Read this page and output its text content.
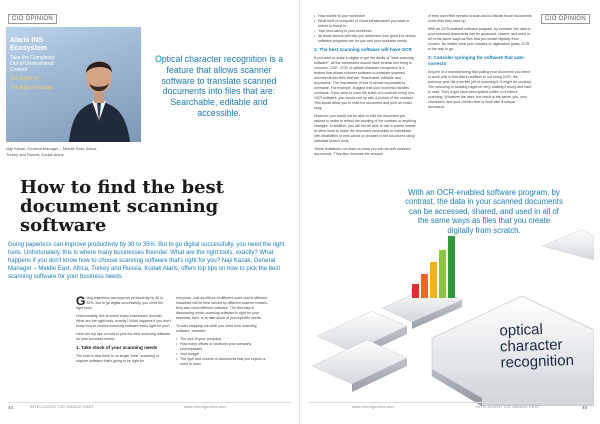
CIO OPINION
Alaris INS Ecosystem
Take the Complexity Out of Unstructured Content
The Right Fit
The Right Features
Naji Kazak, General Manager – Middle East, Africa, Turkey and Russia, Kodak Alaris
Optical character recognition is a feature that allows scanner software to translate scanned documents into files that are: Searchable, editable and accessible.
How to find the best document scanning software
Going paperless can improve productivity by 30 to 35%. But to go digital successfully, you need the right tools. Unfortunately, this is where many businesses flounder. What are the right tools, exactly? What happens if you don't know how to choose scanning software that's right for you? Naji Kazak, General Manager – Middle East, Africa, Turkey and Russia, Kodak Alaris, offers top tips on how to pick the best scanning software for your business needs

Going paperless can improve productivity by 30 to 35%. But to go digital successfully, you need the right tools.

Unfortunately, this is where many businesses flounder. What are the right tools, exactly? What happens if you don't know how to choose scanning software that's right for you?

Here are top tips on how to pick the best scanning software for your business needs.

1. Take stock of your scanning needs

The truth is that there is no single "best" scanning or capture software that's going to be right for

everyone. Just as offices of different sizes and in different industries will be best served by different scanner models, they also need different software. The first step in discovering which scanning software is right for your business, then, is to take stock of your specific needs.

To start mapping out what you need from scanning software, consider:

• The size of your company
• How many offices or locations your company encompasses
• Your budget
• The type and volume of documents that you expect or need to scan
44	INTELLIGENT CIO MIDDLE EAST	www.intelligentcio.com
CIO OPINION
• How mobile is your workforce
• What kind of computer or cloud infrastructure you have or intend to invest in
• Your tech-savvy is your workforce
• All these factors will help you determine how good it is versus software programs are for you and your business needs.
2: The best scanning software will have OCR

If you want to scale in digital or get the ability of "best scanning software", all the contenders should have at least one thing in common: OCR. OCR or optical character recognition is a feature that allows scanner software to translate scanned documents into files that are: Searchable, editable and accessible. The importance of this is almost impossible to overstate. For example, imagine that your business handles contracts. If you were to scan the sheet of a contract using non-OCR software, you would end up with a picture of the contract. This would allow you to read the document and print an exact copy.

However, you would not be able to edit the document you wished to make to reflect the wording of the contract or anything changes. In addition, you will not be able to use a screen reader or other tools to make the document accessible to individuals with disabilities or new words or phrases in the document using standard search tools.

These limitations cut down on what you can do with scanned documents. They also increase the amount

of time and effort needed to scan and to handle those documents more than they save up.

With an OCR-enabled software program, by contrast, the data in your scanned documents can be accessed, shared, and used in all of the same ways as files that you create digitally from scratch. No matter what your industry or digitisation goals, OCR is the way to go.

3: Consider springing for software that auto-corrects

Anyone in a manufacturing that pulling your document you need to work only is that that in addition to not using OCR, the previous year did a terrible job of scanning it. It might be crooked. The colouring or shading might be very, making it blurry and hard to read. They might have been spilled coffee on it before scanning. Whatever the case, the result is the same: you, your coworkers, and your clients have to work with a subpar document.

With an OCR-enabled software program, by contrast, the data in your scanned documents can be accessed, shared, and used in all of the same ways as files that you create digitally from scratch.
optical character recognition
www.intelligentcio.com	INTELLIGENT CIO MIDDLE EAST	45
